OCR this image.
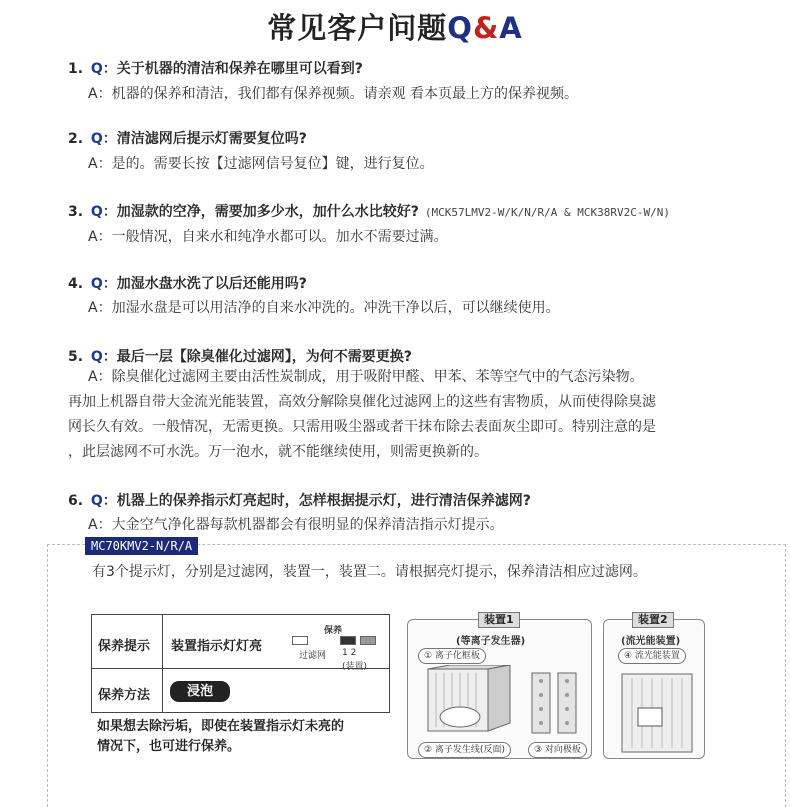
常见客户问题Q&A
1. Q：关于机器的清洁和保养在哪里可以看到?
A：机器的保养和清洁，我们都有保养视频。请亲观 看本页最上方的保养视频。
2. Q：清洁滤网后提示灯需要复位吗?
A：是的。需要长按【过滤网信号复位】键，进行复位。
3. Q：加湿款的空净，需要加多少水，加什么水比较好? (MCK57LMV2-W/K/N/R/A & MCK38RV2C-W/N)
A：一般情况，自来水和纯净水都可以。加水不需要过满。
4. Q：加湿水盘水洗了以后还能用吗?
A：加湿水盘是可以用洁净的自来水冲洗的。冲洗干净以后，可以继续使用。
5. Q：最后一层【除臭催化过滤网】，为何不需要更换?
A：除臭催化过滤网主要由活性炭制成，用于吸附甲醛、甲苯、苯等空气中的气态污染物。
再加上机器自带大金流光能装置，高效分解除臭催化过滤网上的这些有害物质，从而使得除臭滤
网长久有效。一般情况，无需更换。只需用吸尘器或者干抹布除去表面灰尘即可。特别注意的是
，此层滤网不可水洗。万一泡水，就不能继续使用，则需更换新的。
6. Q：机器上的保养指示灯亮起时，怎样根据提示灯，进行清洁保养滤网?
A：大金空气净化器每款机器都会有很明显的保养清洁指示灯提示。
MC70KMV2-N/R/A
有3个提示灯，分别是过滤网，装置一，装置二。请根据亮灯提示，保养清洁相应过滤网。
保养提示 装置指示灯灯亮
保养
过滤网 1 2
(装置)
保养方法	浸泡
如果想去除污垢，即使在装置指示灯未亮的
情况下，也可进行保养。
(等离子发生器)
① 离子化框板
② 离子发生线(反面)	③ 对向极板
装置1
(流光能装置)
④ 流光能装置
装置2
